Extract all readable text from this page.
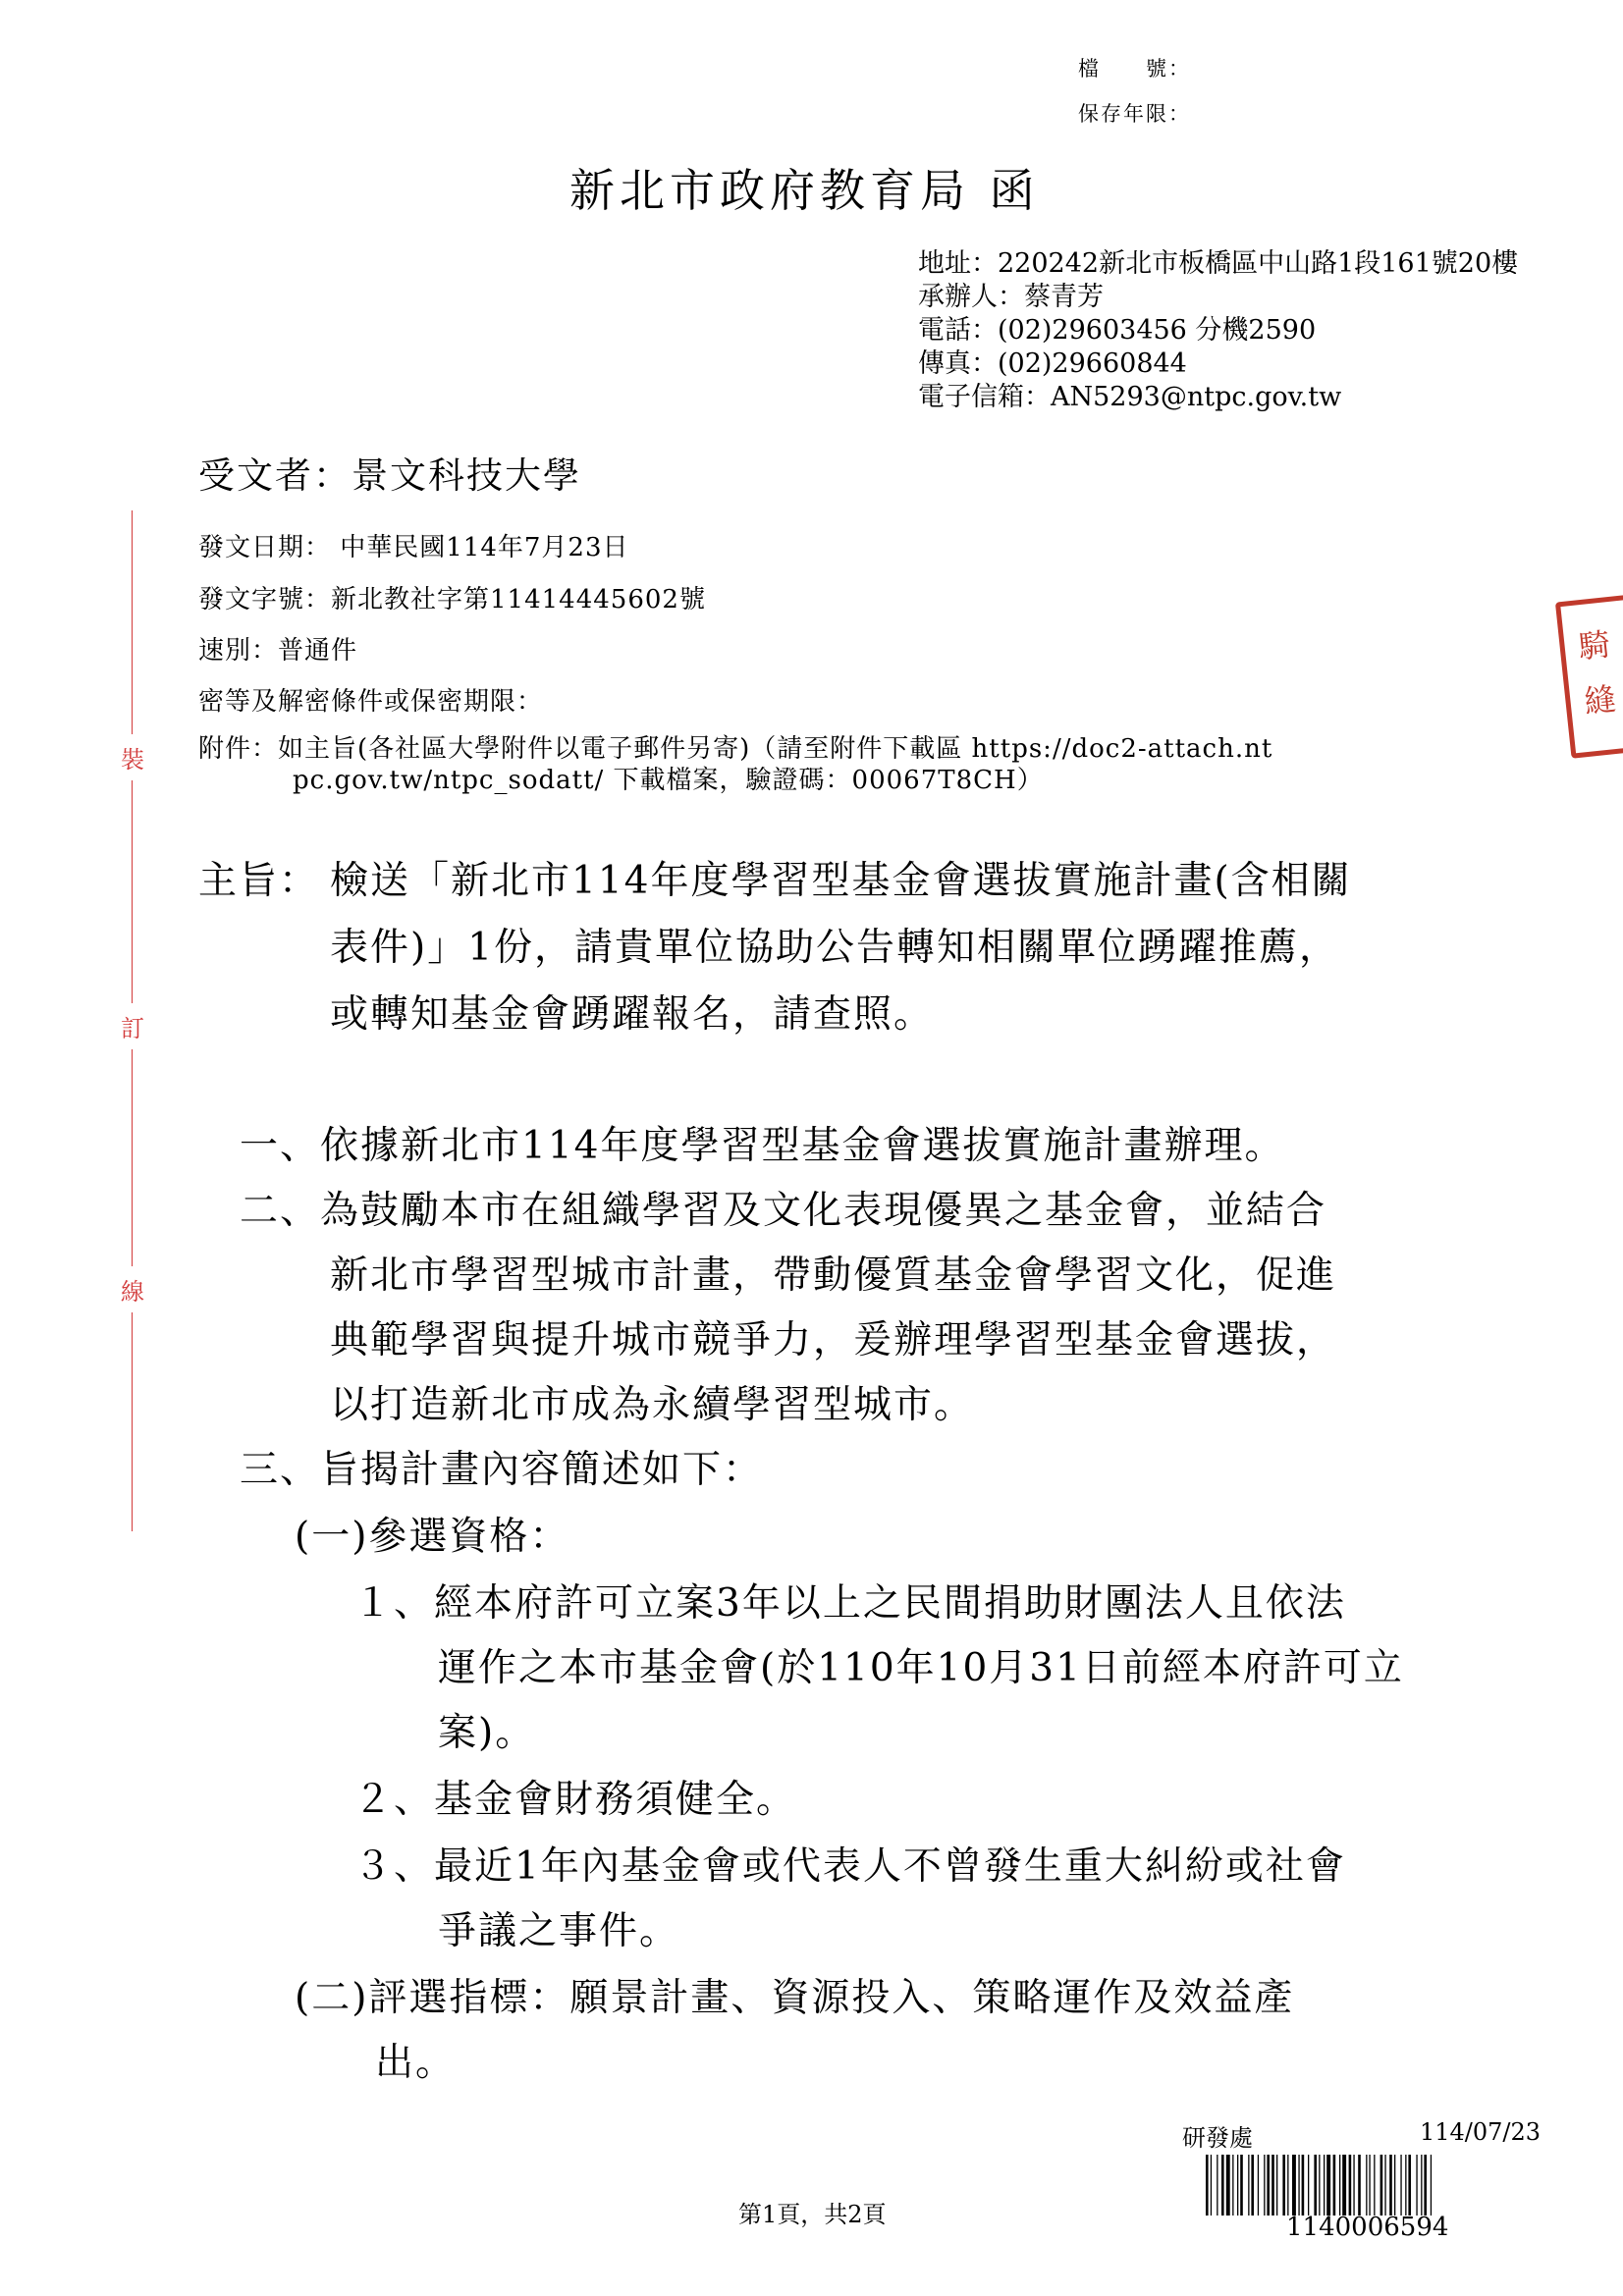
檔　　號：
保存年限：
新北市政府教育局 函
地址：220242新北市板橋區中山路1段161號20樓
承辦人：蔡青芳
電話：(02)29603456 分機2590
傳真：(02)29660844
電子信箱：AN5293@ntpc.gov.tw
受文者：景文科技大學
發文日期： 中華民國114年7月23日
發文字號：新北教社字第11414445602號
速別：普通件
密等及解密條件或保密期限：
附件：如主旨(各社區大學附件以電子郵件另寄)（請至附件下載區 https://doc2-attach.nt
pc.gov.tw/ntpc_sodatt/ 下載檔案，驗證碼：00067T8CH）
主旨： 檢送「新北市114年度學習型基金會選拔實施計畫(含相關
表件)」1份，請貴單位協助公告轉知相關單位踴躍推薦，
或轉知基金會踴躍報名，請查照。
一、依據新北市114年度學習型基金會選拔實施計畫辦理。
二、為鼓勵本市在組織學習及文化表現優異之基金會，並結合
新北市學習型城市計畫，帶動優質基金會學習文化，促進
典範學習與提升城市競爭力，爰辦理學習型基金會選拔，
以打造新北市成為永續學習型城市。
三、旨揭計畫內容簡述如下：
(一)參選資格：
１、經本府許可立案3年以上之民間捐助財團法人且依法
運作之本市基金會(於110年10月31日前經本府許可立
案)。
２、基金會財務須健全。
３、最近1年內基金會或代表人不曾發生重大糾紛或社會
爭議之事件。
(二)評選指標：願景計畫、資源投入、策略運作及效益產
出。
裝
訂
線
騎
縫
研發處	114/07/23
1140006594
第1頁，共2頁
